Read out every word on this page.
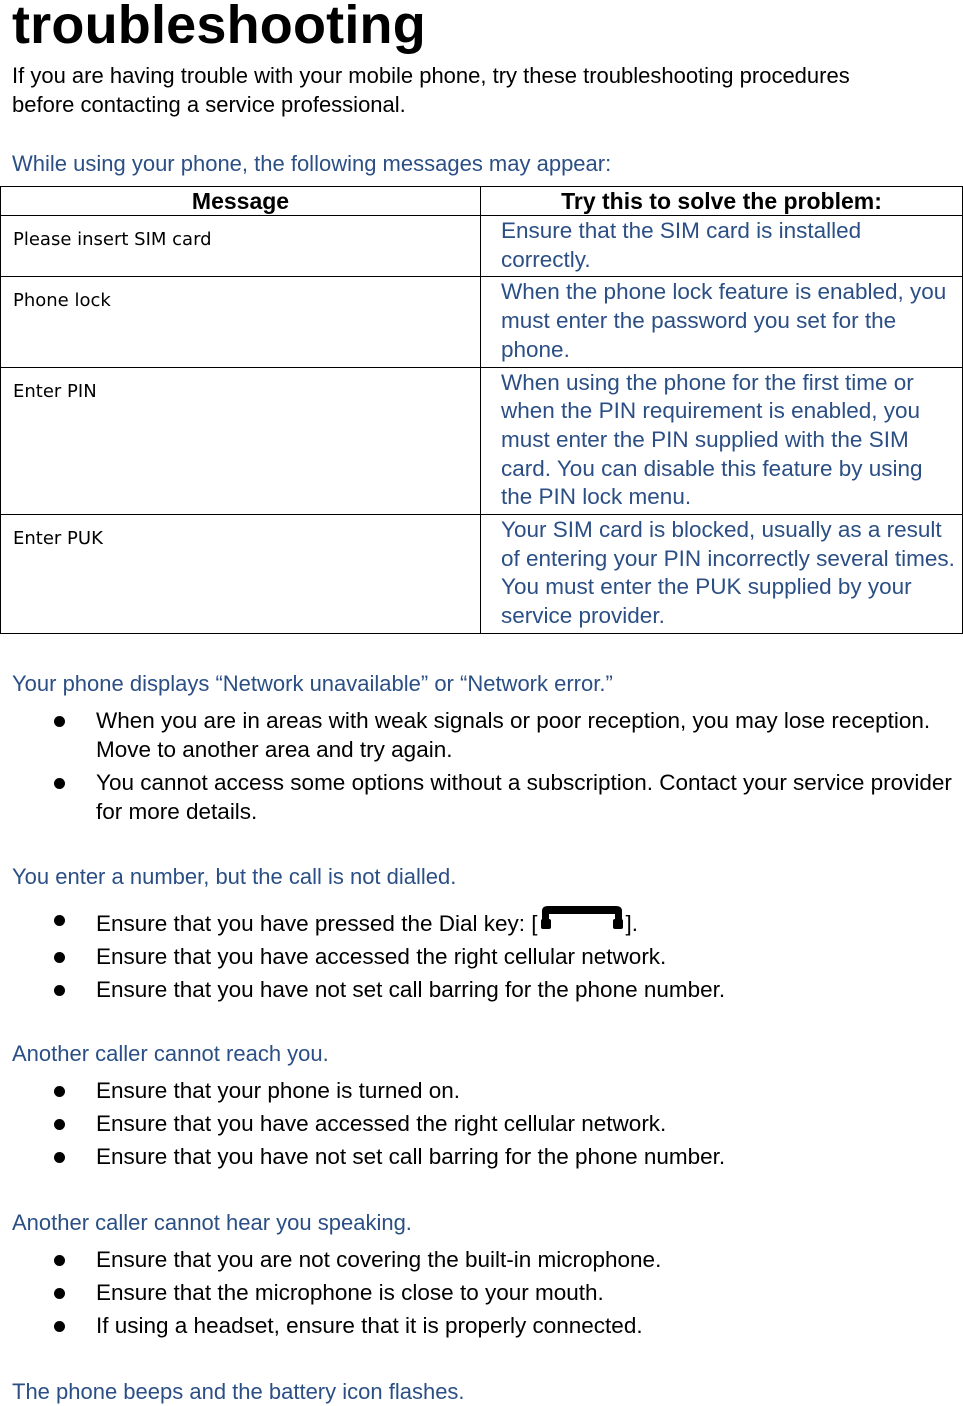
troubleshooting

If you are having trouble with your mobile phone, try these troubleshooting procedures before contacting a service professional.

While using your phone, the following messages may appear:

Message	Try this to solve the problem:
Please insert SIM card	Ensure that the SIM card is installed correctly.
Phone lock	When the phone lock feature is enabled, you must enter the password you set for the phone.
Enter PIN	When using the phone for the first time or when the PIN requirement is enabled, you must enter the PIN supplied with the SIM card. You can disable this feature by using the PIN lock menu.
Enter PUK	Your SIM card is blocked, usually as a result of entering your PIN incorrectly several times. You must enter the PUK supplied by your service provider.

Your phone displays “Network unavailable” or “Network error.”

When you are in areas with weak signals or poor reception, you may lose reception. Move to another area and try again.
You cannot access some options without a subscription. Contact your service provider for more details.

You enter a number, but the call is not dialled.

Ensure that you have pressed the Dial key: [	].
Ensure that you have accessed the right cellular network.
Ensure that you have not set call barring for the phone number.

Another caller cannot reach you.

Ensure that your phone is turned on.
Ensure that you have accessed the right cellular network.
Ensure that you have not set call barring for the phone number.

Another caller cannot hear you speaking.

Ensure that you are not covering the built-in microphone.
Ensure that the microphone is close to your mouth.
If using a headset, ensure that it is properly connected.

The phone beeps and the battery icon flashes.
